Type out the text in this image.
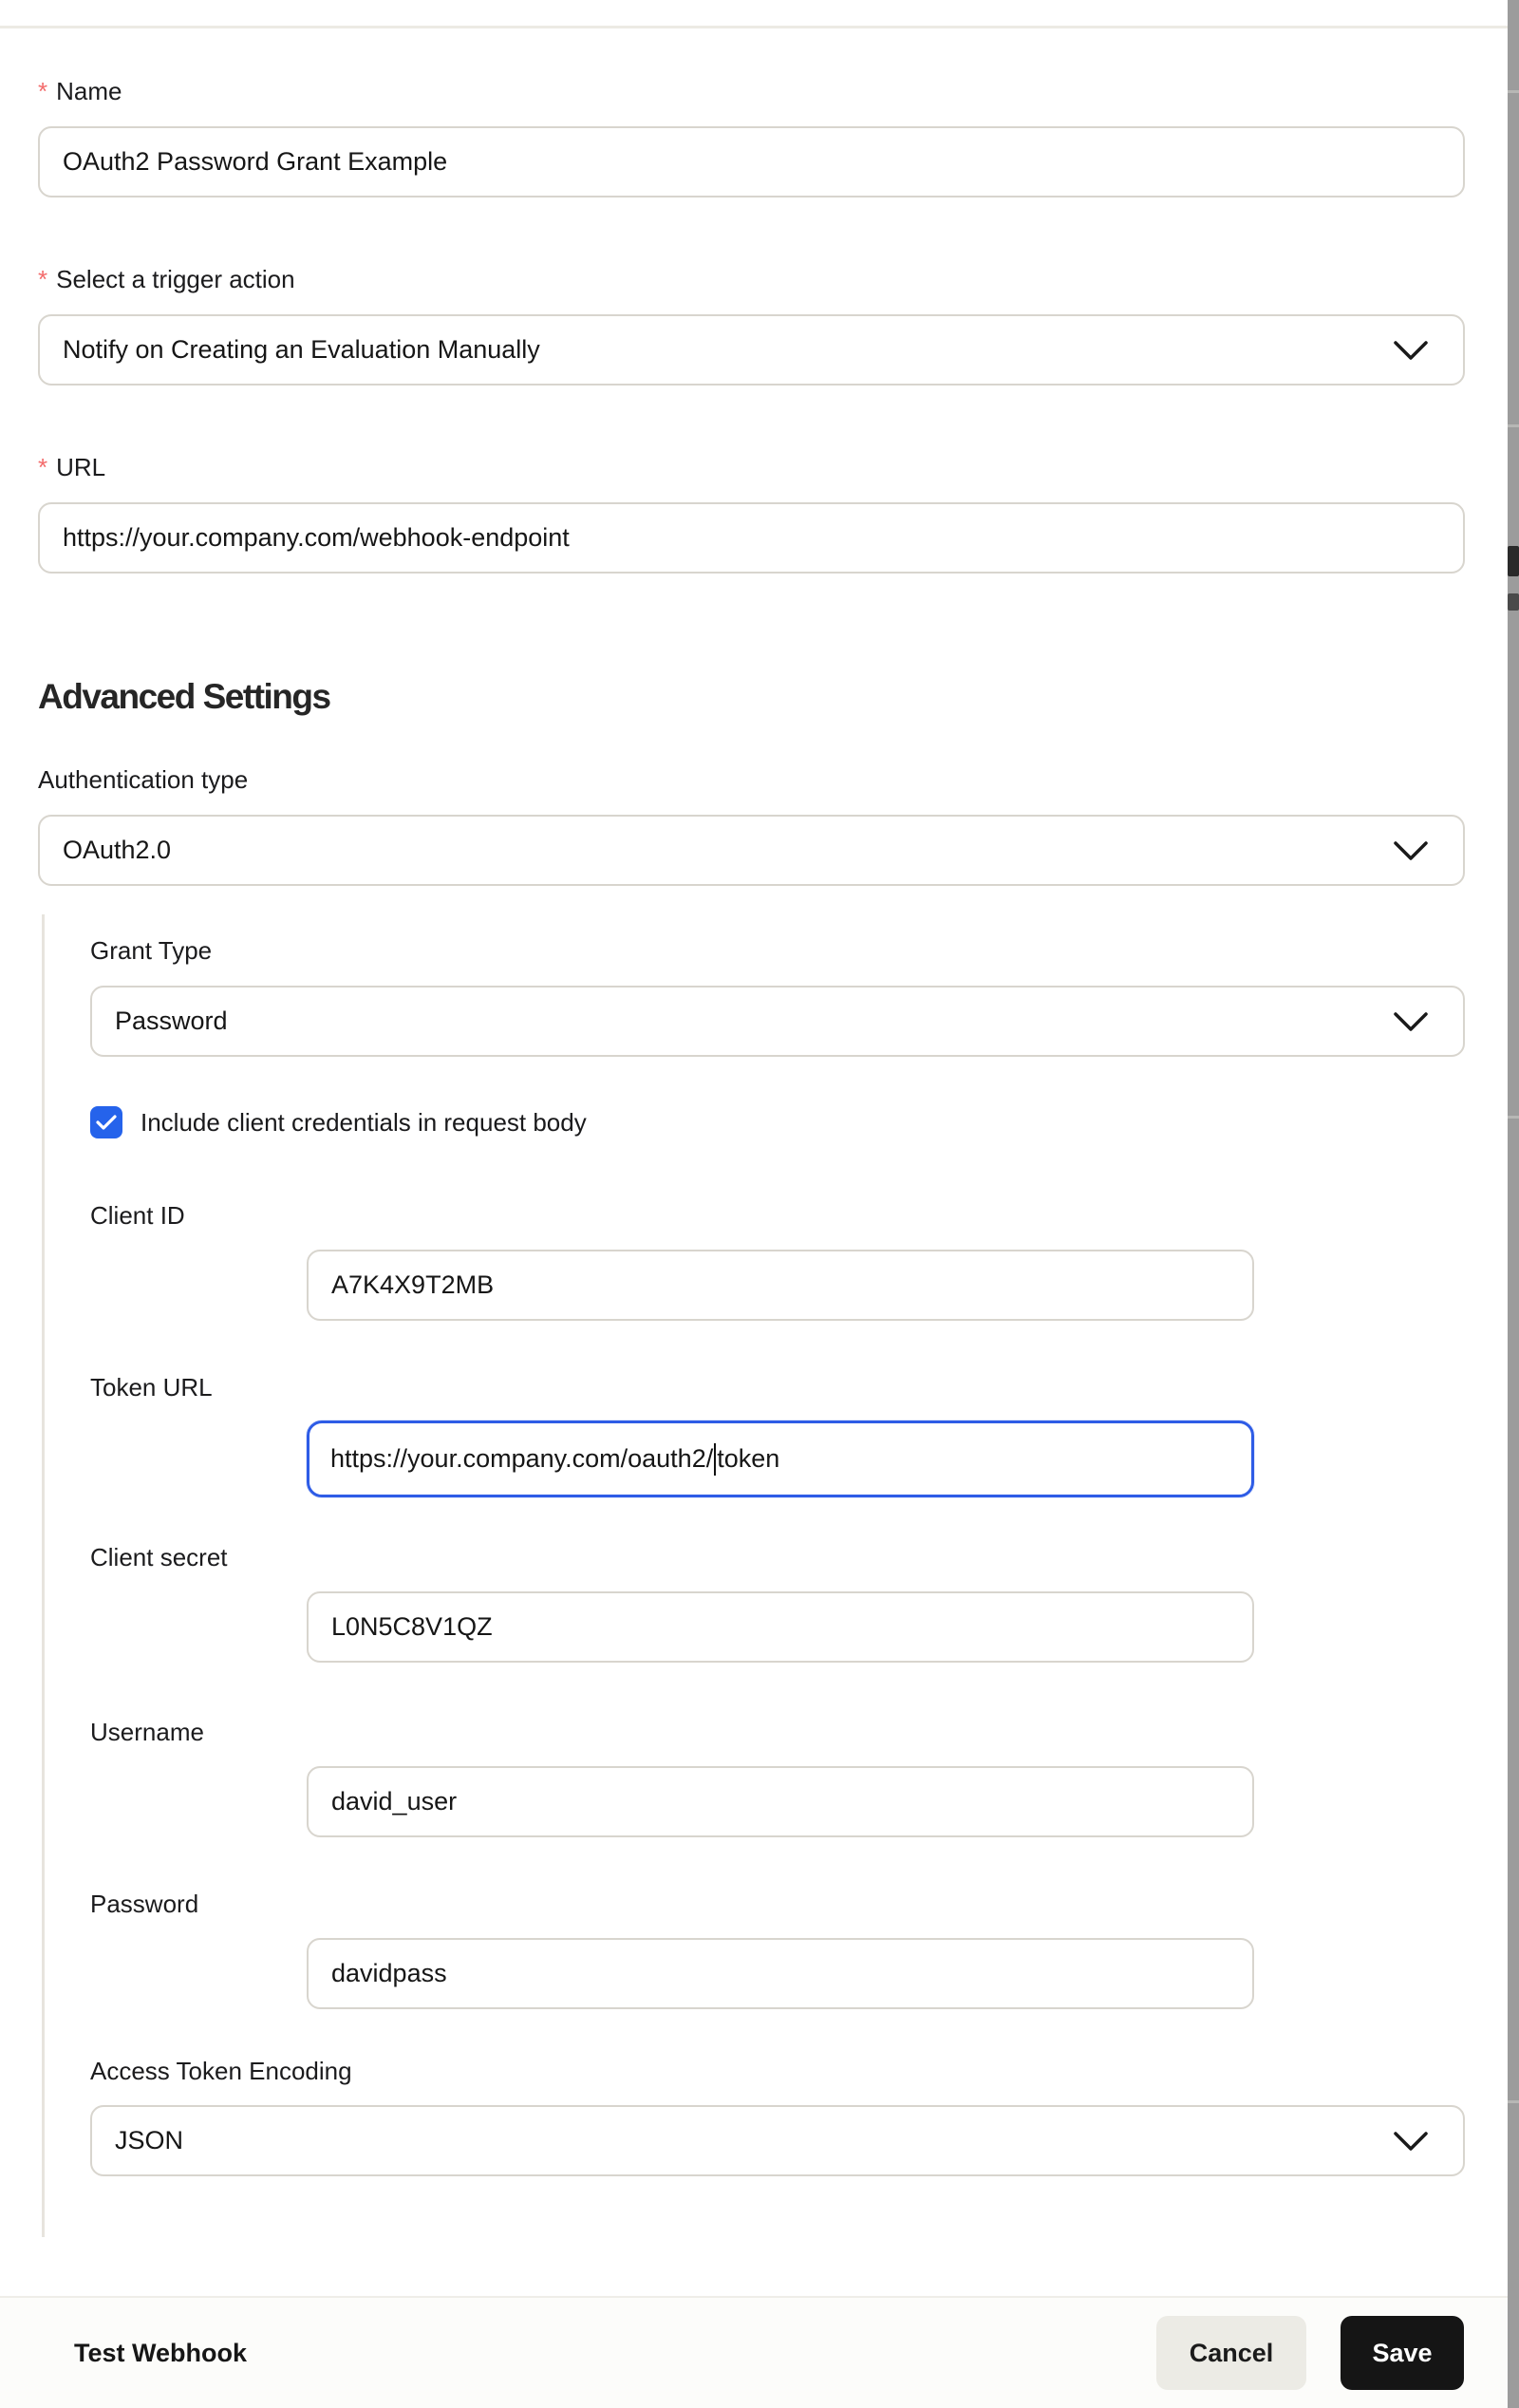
* Name
OAuth2 Password Grant Example
* Select a trigger action
Notify on Creating an Evaluation Manually
* URL
https://your.company.com/webhook-endpoint
Advanced Settings
Authentication type
OAuth2.0
Grant Type
Password
Include client credentials in request body
Client ID
A7K4X9T2MB
Token URL
https://your.company.com/oauth2/ token
Client secret
L0N5C8V1QZ
Username
david_user
Password
davidpass
Access Token Encoding
JSON
Test Webhook	Cancel	Save
